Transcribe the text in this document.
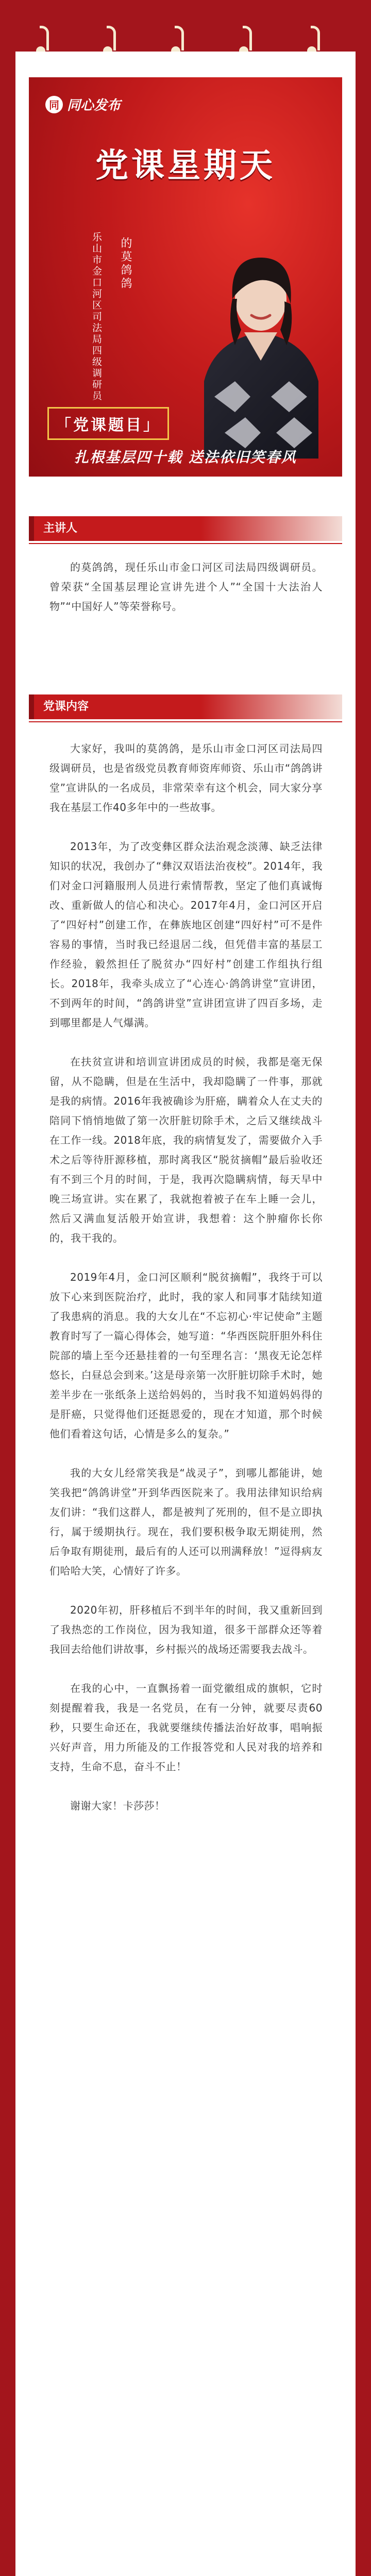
同 同心发布
党课星期天
乐山市金口河区司法局四级调研员 的莫鸽鸽
「党课题目」
扎根基层四十载 送法依旧笑春风
主讲人
的莫鸽鸽，现任乐山市金口河区司法局四级调研员。曾荣获“全国基层理论宣讲先进个人”“全国十大法治人物”“中国好人”等荣誉称号。
党课内容

大家好，我叫的莫鸽鸽，是乐山市金口河区司法局四级调研员，也是省级党员教育师资库师资、乐山市“鸽鸽讲堂”宣讲队的一名成员，非常荣幸有这个机会，同大家分享我在基层工作40多年中的一些故事。

2013年，为了改变彝区群众法治观念淡薄、缺乏法律知识的状况，我创办了“彝汉双语法治夜校”。2014年，我们对金口河籍服刑人员进行索情帮教，坚定了他们真诚悔改、重新做人的信心和决心。2017年4月，金口河区开启了“四好村”创建工作，在彝族地区创建“四好村”可不是件容易的事情，当时我已经退居二线，但凭借丰富的基层工作经验，毅然担任了脱贫办“四好村”创建工作组执行组长。2018年，我牵头成立了“心连心·鸽鸽讲堂”宣讲团，不到两年的时间，“鸽鸽讲堂”宣讲团宣讲了四百多场，走到哪里都是人气爆满。

在扶贫宣讲和培训宣讲团成员的时候，我都是毫无保留，从不隐瞒，但是在生活中，我却隐瞒了一件事，那就是我的病情。2016年我被确诊为肝癌，瞒着众人在丈夫的陪同下悄悄地做了第一次肝脏切除手术，之后又继续战斗在工作一线。2018年底，我的病情复发了，需要做介入手术之后等待肝源移植，那时离我区“脱贫摘帽”最后验收还有不到三个月的时间，于是，我再次隐瞒病情，每天早中晚三场宣讲。实在累了，我就抱着被子在车上睡一会儿，然后又满血复活般开始宣讲，我想着：这个肿瘤你长你的，我干我的。

2019年4月，金口河区顺利“脱贫摘帽”，我终于可以放下心来到医院治疗，此时，我的家人和同事才陆续知道了我患病的消息。我的大女儿在“不忘初心·牢记使命”主题教育时写了一篇心得体会，她写道：“华西医院肝胆外科住院部的墙上至今还悬挂着的一句至理名言：‘黑夜无论怎样悠长，白昼总会到来。’这是母亲第一次肝脏切除手术时，她差半步在一张纸条上送给妈妈的，当时我不知道妈妈得的是肝癌，只觉得他们还挺恩爱的，现在才知道，那个时候他们看着这句话，心情是多么的复杂。”

我的大女儿经常笑我是“战灵子”，到哪儿都能讲，她笑我把“鸽鸽讲堂”开到华西医院来了。我用法律知识给病友们讲：“我们这群人，都是被判了死刑的，但不是立即执行，属于缓期执行。现在，我们要积极争取无期徒刑，然后争取有期徒刑，最后有的人还可以刑满释放！”逗得病友们哈哈大笑，心情好了许多。

2020年初，肝移植后不到半年的时间，我又重新回到了我热恋的工作岗位，因为我知道，很多干部群众还等着我回去给他们讲故事，乡村振兴的战场还需要我去战斗。

在我的心中，一直飘扬着一面党徽组成的旗帜，它时刻提醒着我，我是一名党员，在有一分钟，就要尽责60秒，只要生命还在，我就要继续传播法治好故事，唱响振兴好声音，用力所能及的工作报答党和人民对我的培养和支持，生命不息，奋斗不止！

谢谢大家！卡莎莎！
